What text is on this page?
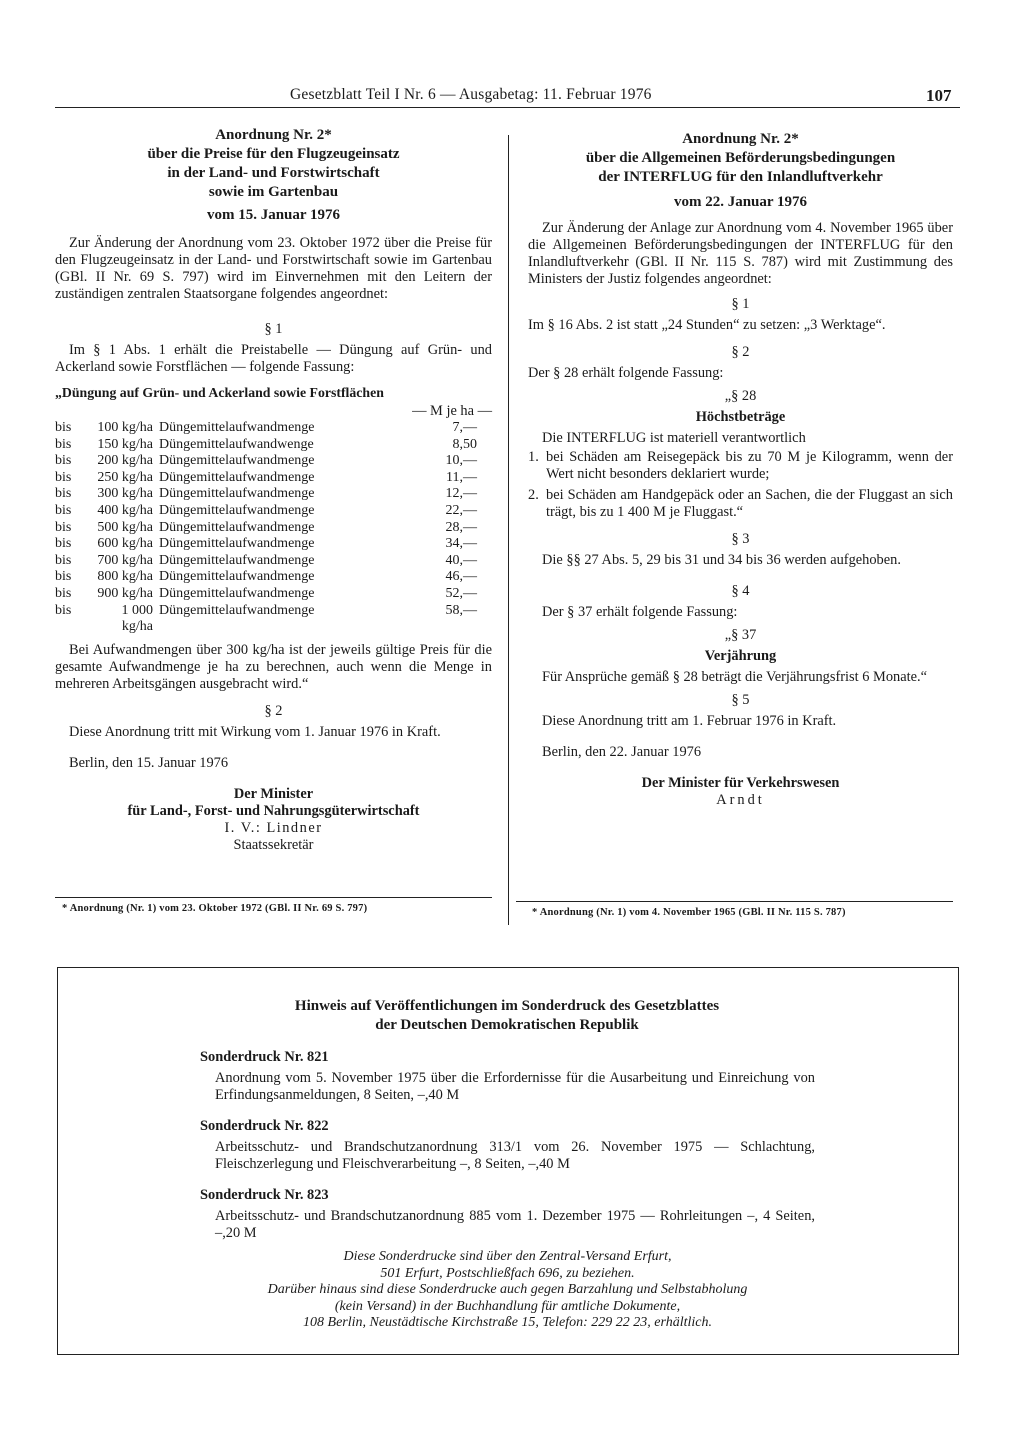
Gesetzblatt Teil I Nr. 6 — Ausgabetag: 11. Februar 1976	107
Anordnung Nr. 2*
über die Preise für den Flugzeugeinsatz
in der Land- und Forstwirtschaft
sowie im Gartenbau
vom 15. Januar 1976

Zur Änderung der Anordnung vom 23. Oktober 1972 über die Preise für den Flugzeugeinsatz in der Land- und Forstwirtschaft sowie im Gartenbau (GBl. II Nr. 69 S. 797) wird im Einvernehmen mit den Leitern der zuständigen zentralen Staatsorgane folgendes angeordnet:

§ 1

Im § 1 Abs. 1 erhält die Preistabelle — Düngung auf Grün- und Ackerland sowie Forstflächen — folgende Fassung:

„Düngung auf Grün- und Ackerland sowie Forstflächen

— M je ha —
bis	100 kg/ha	Düngemittelaufwandmenge	7,—
bis	150 kg/ha	Düngemittelaufwandwenge	8,50
bis	200 kg/ha	Düngemittelaufwandmenge	10,—
bis	250 kg/ha	Düngemittelaufwandmenge	11,—
bis	300 kg/ha	Düngemittelaufwandmenge	12,—
bis	400 kg/ha	Düngemittelaufwandmenge	22,—
bis	500 kg/ha	Düngemittelaufwandmenge	28,—
bis	600 kg/ha	Düngemittelaufwandmenge	34,—
bis	700 kg/ha	Düngemittelaufwandmenge	40,—
bis	800 kg/ha	Düngemittelaufwandmenge	46,—
bis	900 kg/ha	Düngemittelaufwandmenge	52,—
bis	1 000 kg/ha	Düngemittelaufwandmenge	58,—

Bei Aufwandmengen über 300 kg/ha ist der jeweils gültige Preis für die gesamte Aufwandmenge je ha zu berechnen, auch wenn die Menge in mehreren Arbeitsgängen ausgebracht wird.“

§ 2

Diese Anordnung tritt mit Wirkung vom 1. Januar 1976 in Kraft.

Berlin, den 15. Januar 1976

Der Minister
für Land-, Forst- und Nahrungsgüterwirtschaft
I. V.: Lindner
Staatssekretär
* Anordnung (Nr. 1) vom 23. Oktober 1972 (GBl. II Nr. 69 S. 797)
Anordnung Nr. 2*
über die Allgemeinen Beförderungsbedingungen
der INTERFLUG für den Inlandluftverkehr
vom 22. Januar 1976

Zur Änderung der Anlage zur Anordnung vom 4. November 1965 über die Allgemeinen Beförderungsbedingungen der INTERFLUG für den Inlandluftverkehr (GBl. II Nr. 115 S. 787) wird mit Zustimmung des Ministers der Justiz folgendes angeordnet:

§ 1

Im § 16 Abs. 2 ist statt „24 Stunden“ zu setzen: „3 Werktage“.

§ 2

Der § 28 erhält folgende Fassung:

„§ 28
Höchstbeträge

Die INTERFLUG ist materiell verantwortlich

1. bei Schäden am Reisegepäck bis zu 70 M je Kilogramm, wenn der Wert nicht besonders deklariert wurde;
2. bei Schäden am Handgepäck oder an Sachen, die der Fluggast an sich trägt, bis zu 1 400 M je Fluggast.“
§ 3

Die §§ 27 Abs. 5, 29 bis 31 und 34 bis 36 werden aufgehoben.

§ 4

Der § 37 erhält folgende Fassung:

„§ 37
Verjährung

Für Ansprüche gemäß § 28 beträgt die Verjährungsfrist 6 Monate.“

§ 5

Diese Anordnung tritt am 1. Februar 1976 in Kraft.

Berlin, den 22. Januar 1976

Der Minister für Verkehrswesen
Arndt
* Anordnung (Nr. 1) vom 4. November 1965 (GBl. II Nr. 115 S. 787)
Hinweis auf Veröffentlichungen im Sonderdruck des Gesetzblattes
der Deutschen Demokratischen Republik
Sonderdruck Nr. 821

Anordnung vom 5. November 1975 über die Erfordernisse für die Ausarbeitung und Einreichung von Erfindungsanmeldungen, 8 Seiten, –,40 M

Sonderdruck Nr. 822

Arbeitsschutz- und Brandschutzanordnung 313/1 vom 26. November 1975 — Schlachtung, Fleischzerlegung und Fleischverarbeitung –, 8 Seiten, –,40 M

Sonderdruck Nr. 823

Arbeitsschutz- und Brandschutzanordnung 885 vom 1. Dezember 1975 — Rohrleitungen –, 4 Seiten, –,20 M

Diese Sonderdrucke sind über den Zentral-Versand Erfurt,
501 Erfurt, Postschließfach 696, zu beziehen.
Darüber hinaus sind diese Sonderdrucke auch gegen Barzahlung und Selbstabholung
(kein Versand) in der Buchhandlung für amtliche Dokumente,
108 Berlin, Neustädtische Kirchstraße 15, Telefon: 229 22 23, erhältlich.
